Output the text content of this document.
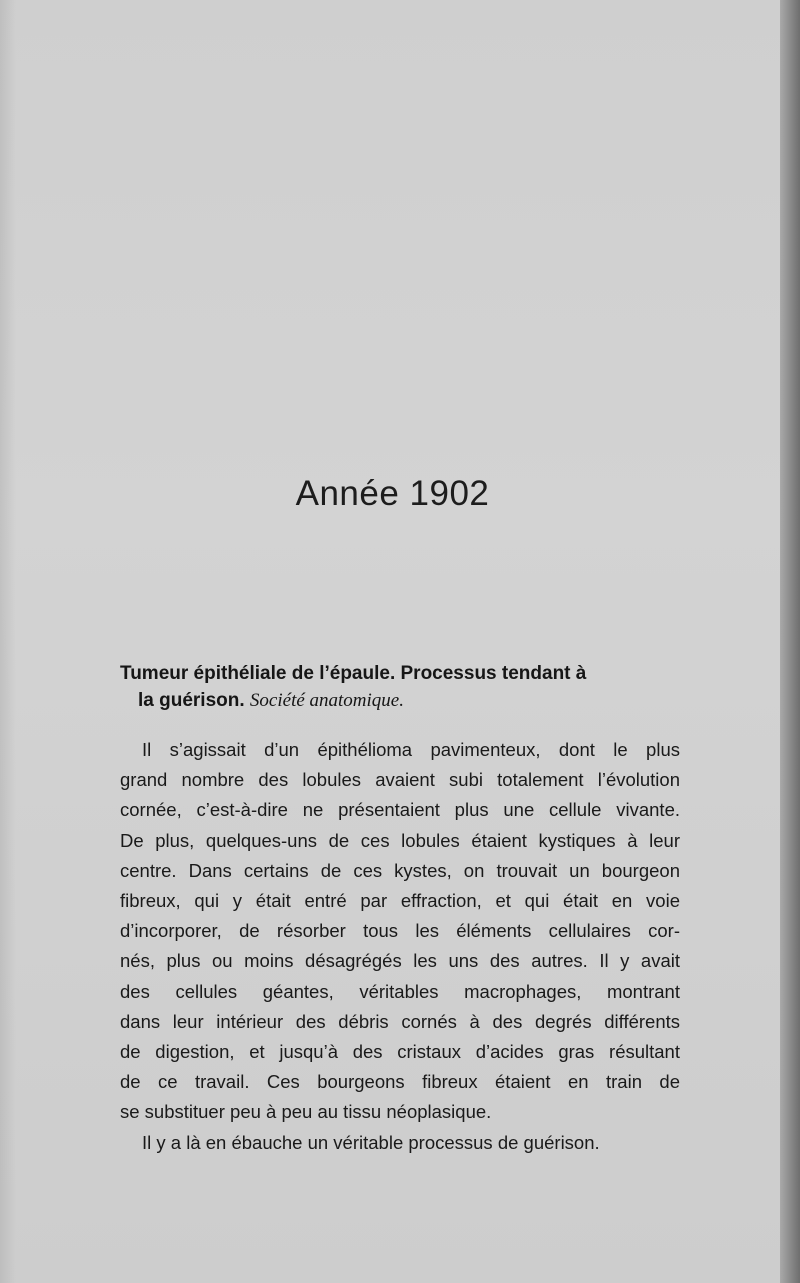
Année 1902
Tumeur épithéliale de l’épaule. Processus tendant à
la guérison. Société anatomique.
Il s’agissait d’un épithélioma pavimenteux, dont le plus
grand nombre des lobules avaient subi totalement l’évolution
cornée, c’est-à-dire ne présentaient plus une cellule vivante.
De plus, quelques-uns de ces lobules étaient kystiques à leur
centre. Dans certains de ces kystes, on trouvait un bourgeon
fibreux, qui y était entré par effraction, et qui était en voie
d’incorporer, de résorber tous les éléments cellulaires cor-
nés, plus ou moins désagrégés les uns des autres. Il y avait
des cellules géantes, véritables macrophages, montrant
dans leur intérieur des débris cornés à des degrés différents
de digestion, et jusqu’à des cristaux d’acides gras résultant
de ce travail. Ces bourgeons fibreux étaient en train de
se substituer peu à peu au tissu néoplasique.
Il y a là en ébauche un véritable processus de guérison.
